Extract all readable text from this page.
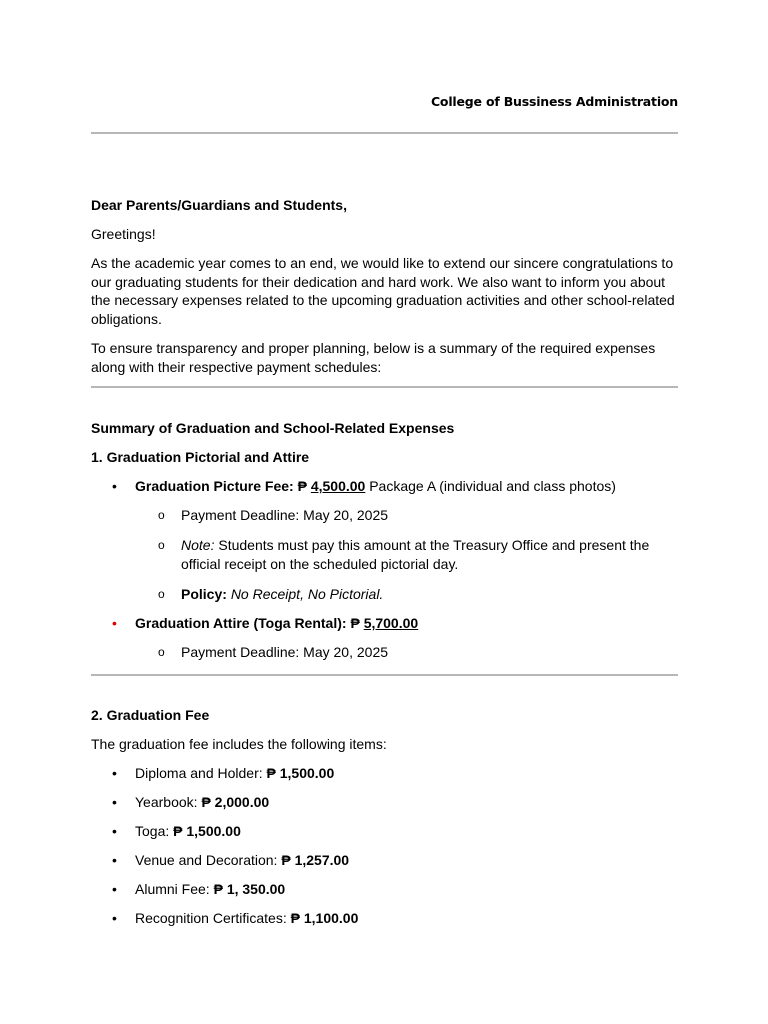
College of Bussiness Administration
Dear Parents/Guardians and Students,
Greetings!
As the academic year comes to an end, we would like to extend our sincere congratulations to our graduating students for their dedication and hard work. We also want to inform you about the necessary expenses related to the upcoming graduation activities and other school-related obligations.
To ensure transparency and proper planning, below is a summary of the required expenses along with their respective payment schedules:
Summary of Graduation and School-Related Expenses
1. Graduation Pictorial and Attire
• Graduation Picture Fee: ₱ 4,500.00 Package A (individual and class photos)
o Payment Deadline: May 20, 2025
o Note: Students must pay this amount at the Treasury Office and present the official receipt on the scheduled pictorial day.
o Policy: No Receipt, No Pictorial.
• Graduation Attire (Toga Rental): ₱ 5,700.00
o Payment Deadline: May 20, 2025
2. Graduation Fee
The graduation fee includes the following items:
• Diploma and Holder: ₱ 1,500.00
• Yearbook: ₱ 2,000.00
• Toga: ₱ 1,500.00
• Venue and Decoration: ₱ 1,257.00
• Alumni Fee: ₱ 1, 350.00
• Recognition Certificates: ₱ 1,100.00
